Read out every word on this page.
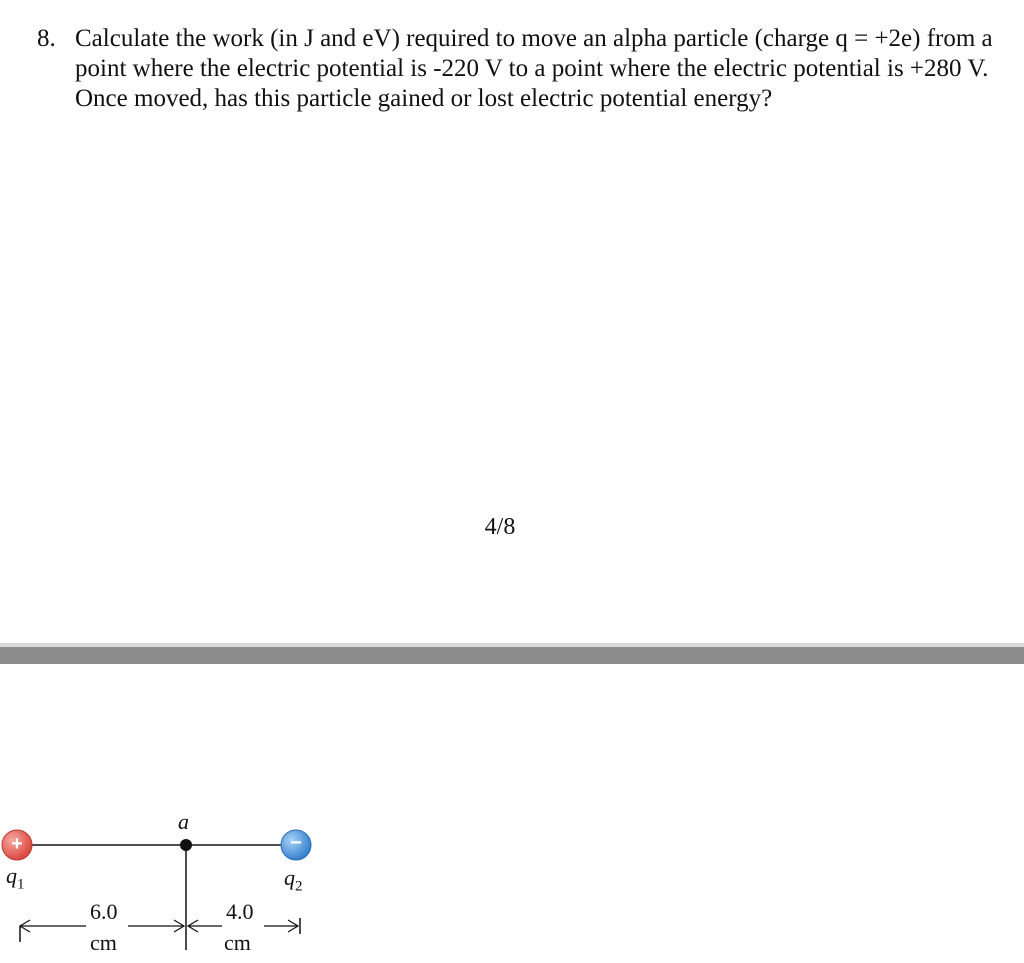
8. Calculate the work (in J and eV) required to move an alpha particle (charge q = +2e) from a point where the electric potential is -220 V to a point where the electric potential is +280 V. Once moved, has this particle gained or lost electric potential energy?
4/8
+	−
a
$q_1$	$q_2$
6.0
cm
4.0
cm
